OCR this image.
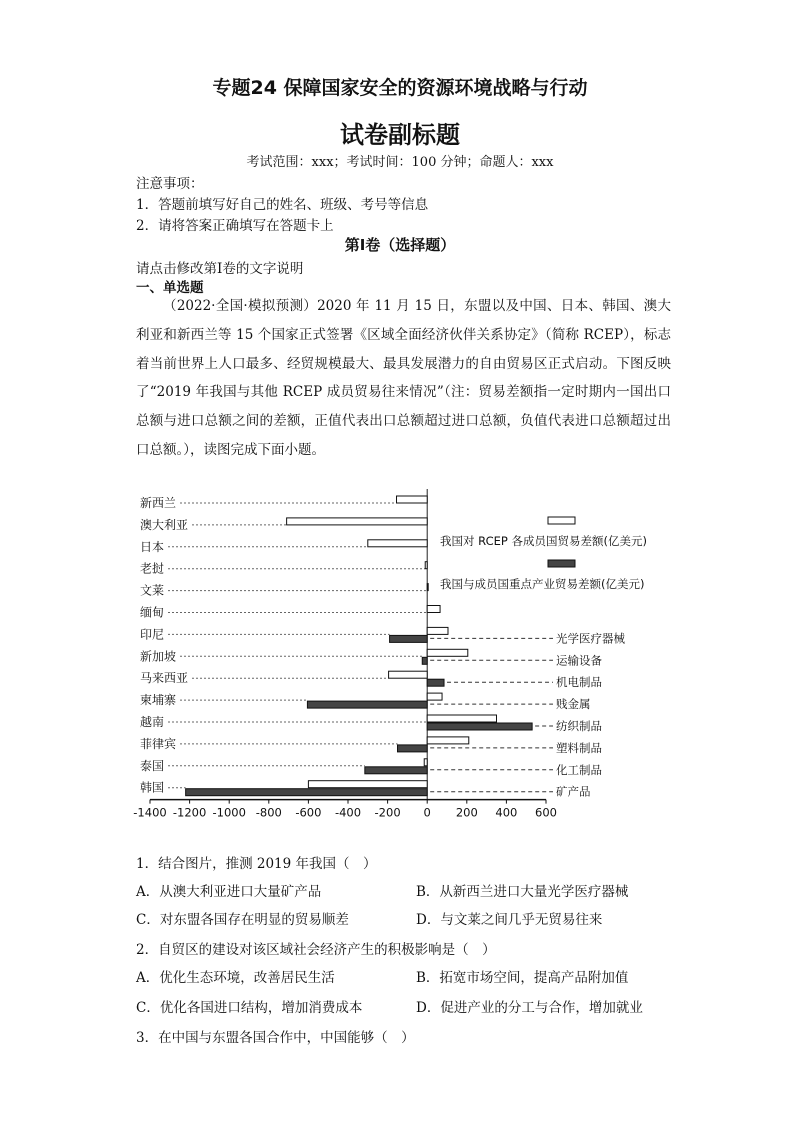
专题24 保障国家安全的资源环境战略与行动
试卷副标题
考试范围：xxx；考试时间：100 分钟；命题人：xxx
注意事项：
1．答题前填写好自己的姓名、班级、考号等信息
2．请将答案正确填写在答题卡上
第Ⅰ卷（选择题）
请点击修改第Ⅰ卷的文字说明
一、单选题

（2022·全国·模拟预测）2020 年 11 月 15 日，东盟以及中国、日本、韩国、澳大利亚和新西兰等 15 个国家正式签署《区域全面经济伙伴关系协定》（简称 RCEP），标志着当前世界上人口最多、经贸规模最大、最具发展潜力的自由贸易区正式启动。下图反映了“2019 年我国与其他 RCEP 成员贸易往来情况”（注：贸易差额指一定时期内一国出口总额与进口总额之间的差额，正值代表出口总额超过进口总额，负值代表进口总额超过出口总额。），读图完成下面小题。

新西兰
澳大利亚
日本
老挝
文莱
缅甸
印尼
新加坡
马来西亚
柬埔寨
越南
菲律宾
泰国
韩国
光学医疗器械
运输设备
机电制品
贱金属
纺织制品
塑料制品
化工制品
矿产品
-1400 -1200 -1000 -800 -600 -400 -200 0 200 400 600
我国对 RCEP 各成员国贸易差额(亿美元)
我国与成员国重点产业贸易差额(亿美元)
1．结合图片，推测 2019 年我国（　）
A．从澳大利亚进口大量矿产品	B．从新西兰进口大量光学医疗器械
C．对东盟各国存在明显的贸易顺差	D．与文莱之间几乎无贸易往来
2．自贸区的建设对该区域社会经济产生的积极影响是（　）
A．优化生态环境，改善居民生活	B．拓宽市场空间，提高产品附加值
C．优化各国进口结构，增加消费成本	D．促进产业的分工与合作，增加就业
3．在中国与东盟各国合作中，中国能够（　）
